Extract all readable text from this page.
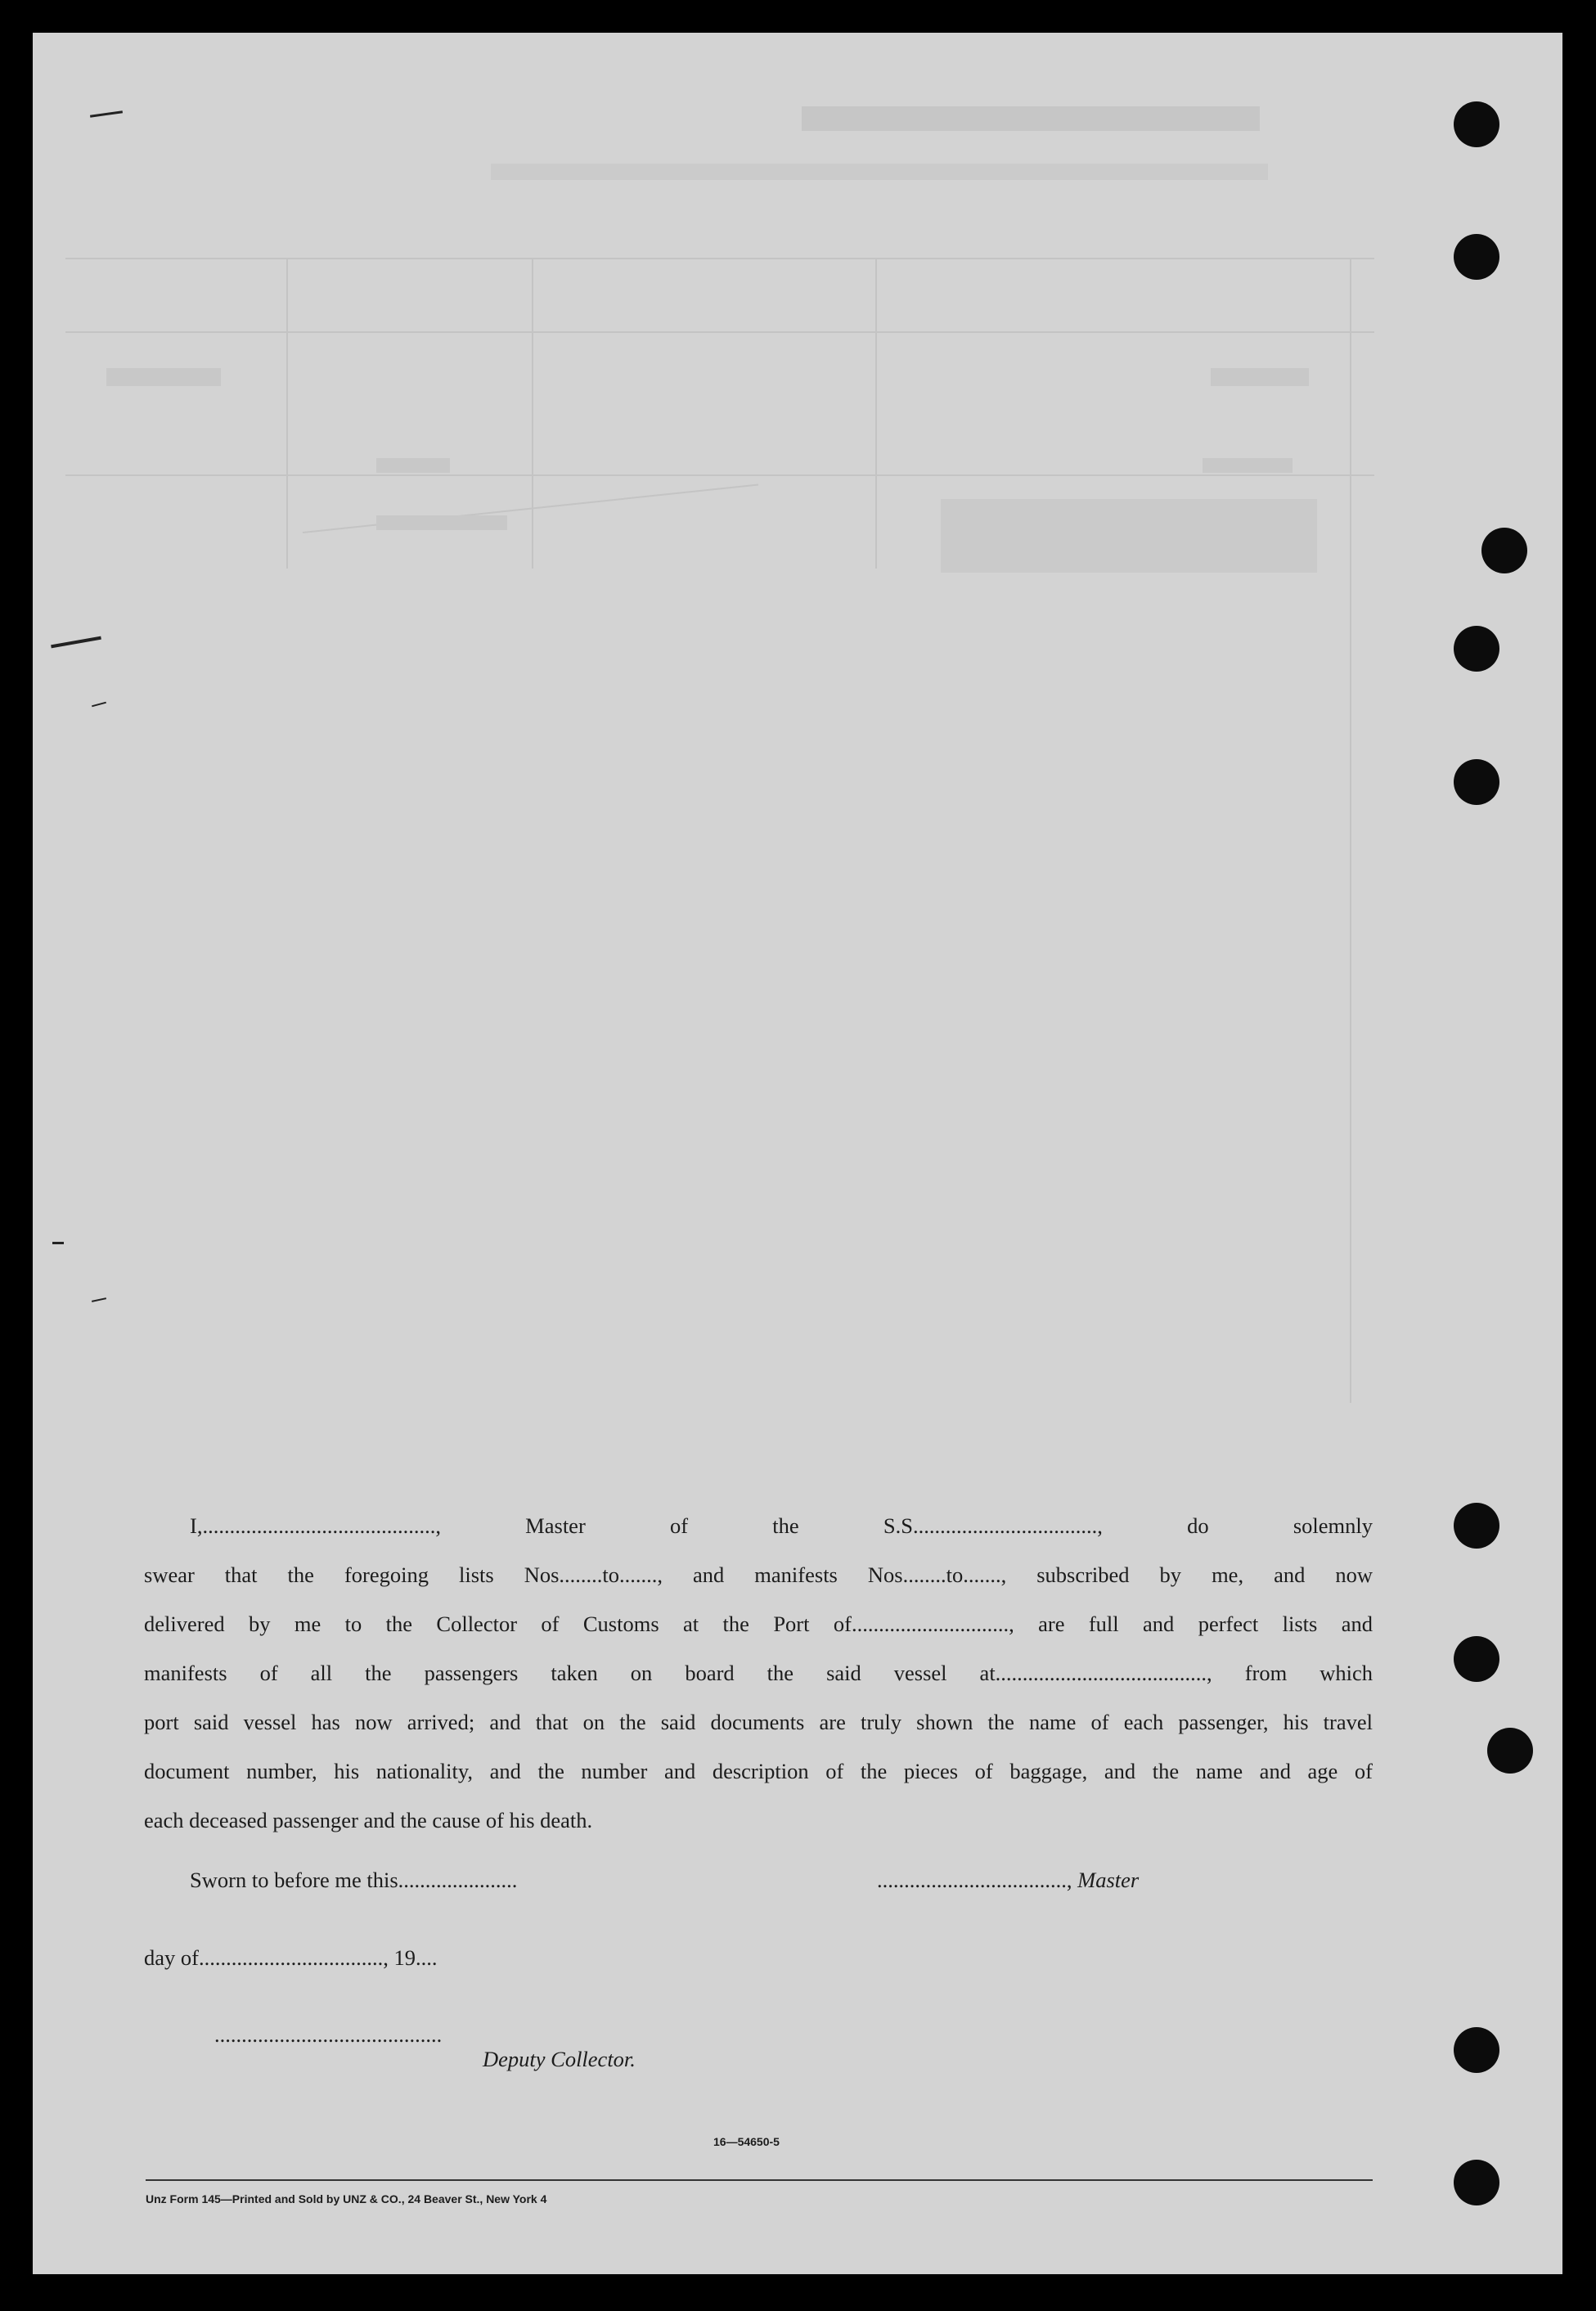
I,..........................................., Master of the S.S.................................., do solemnly

swear that the foregoing lists Nos........to......., and manifests Nos........to......., subscribed by me, and now

delivered by me to the Collector of Customs at the Port of............................., are full and perfect lists and

manifests of all the passengers taken on board the said vessel at......................................., from which

port said vessel has now arrived; and that on the said documents are truly shown the name of each passenger, his travel

document number, his nationality, and the number and description of the pieces of baggage, and the name and age of

each deceased passenger and the cause of his death.

Sworn to before me this......................	..................................., Master
day of.................................., 19....
..........................................
Deputy Collector.
16—54650-5
Unz Form 145—Printed and Sold by UNZ & CO., 24 Beaver St., New York 4
